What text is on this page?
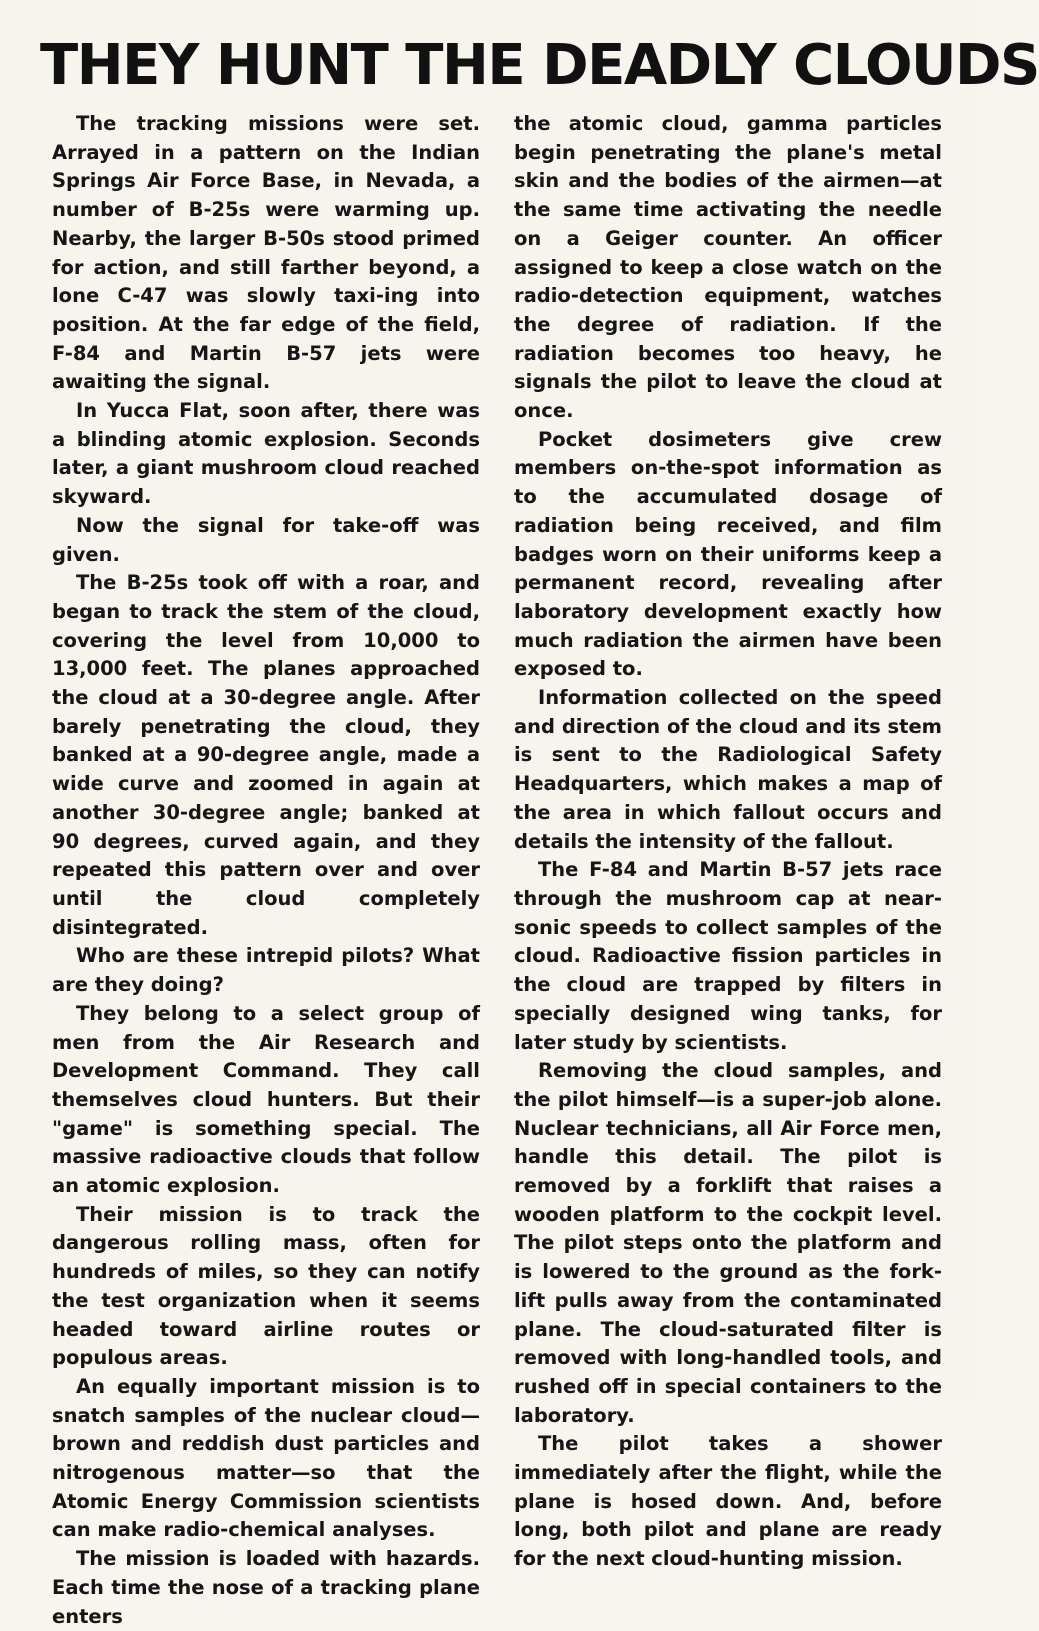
THEY HUNT THE DEADLY CLOUDS

The tracking missions were set. Arrayed in a pattern on the Indian Springs Air Force Base, in Nevada, a number of B-25s were warming up. Nearby, the larger B-50s stood primed for action, and still farther beyond, a lone C-47 was slowly taxi-ing into position. At the far edge of the field, F-84 and Martin B-57 jets were awaiting the signal.

In Yucca Flat, soon after, there was a blinding atomic explosion. Seconds later, a giant mushroom cloud reached skyward.

Now the signal for take-off was given.

The B-25s took off with a roar, and began to track the stem of the cloud, covering the level from 10,000 to 13,000 feet. The planes approached the cloud at a 30-degree angle. After barely penetrating the cloud, they banked at a 90-degree angle, made a wide curve and zoomed in again at another 30-degree angle; banked at 90 degrees, curved again, and they repeated this pattern over and over until the cloud completely disintegrated.

Who are these intrepid pilots? What are they doing?

They belong to a select group of men from the Air Research and Development Command. They call themselves cloud hunters. But their "game" is something special. The massive radioactive clouds that follow an atomic explosion.

Their mission is to track the dangerous rolling mass, often for hundreds of miles, so they can notify the test organization when it seems headed toward airline routes or populous areas.

An equally important mission is to snatch samples of the nuclear cloud—brown and reddish dust particles and nitrogenous matter—so that the Atomic Energy Commission scientists can make radio-chemical analyses.

The mission is loaded with hazards. Each time the nose of a tracking plane enters

the atomic cloud, gamma particles begin penetrating the plane's metal skin and the bodies of the airmen—at the same time activating the needle on a Geiger counter. An officer assigned to keep a close watch on the radio-detection equipment, watches the degree of radiation. If the radiation becomes too heavy, he signals the pilot to leave the cloud at once.

Pocket dosimeters give crew members on-the-spot information as to the accumulated dosage of radiation being received, and film badges worn on their uniforms keep a permanent record, revealing after laboratory development exactly how much radiation the airmen have been exposed to.

Information collected on the speed and direction of the cloud and its stem is sent to the Radiological Safety Headquarters, which makes a map of the area in which fallout occurs and details the intensity of the fallout.

The F-84 and Martin B-57 jets race through the mushroom cap at near-sonic speeds to collect samples of the cloud. Radioactive fission particles in the cloud are trapped by filters in specially designed wing tanks, for later study by scientists.

Removing the cloud samples, and the pilot himself—is a super-job alone. Nuclear technicians, all Air Force men, handle this detail. The pilot is removed by a forklift that raises a wooden platform to the cockpit level. The pilot steps onto the platform and is lowered to the ground as the forklift pulls away from the contaminated plane. The cloud-saturated filter is removed with long-handled tools, and rushed off in special containers to the laboratory.

The pilot takes a shower immediately after the flight, while the plane is hosed down. And, before long, both pilot and plane are ready for the next cloud-hunting mission.
